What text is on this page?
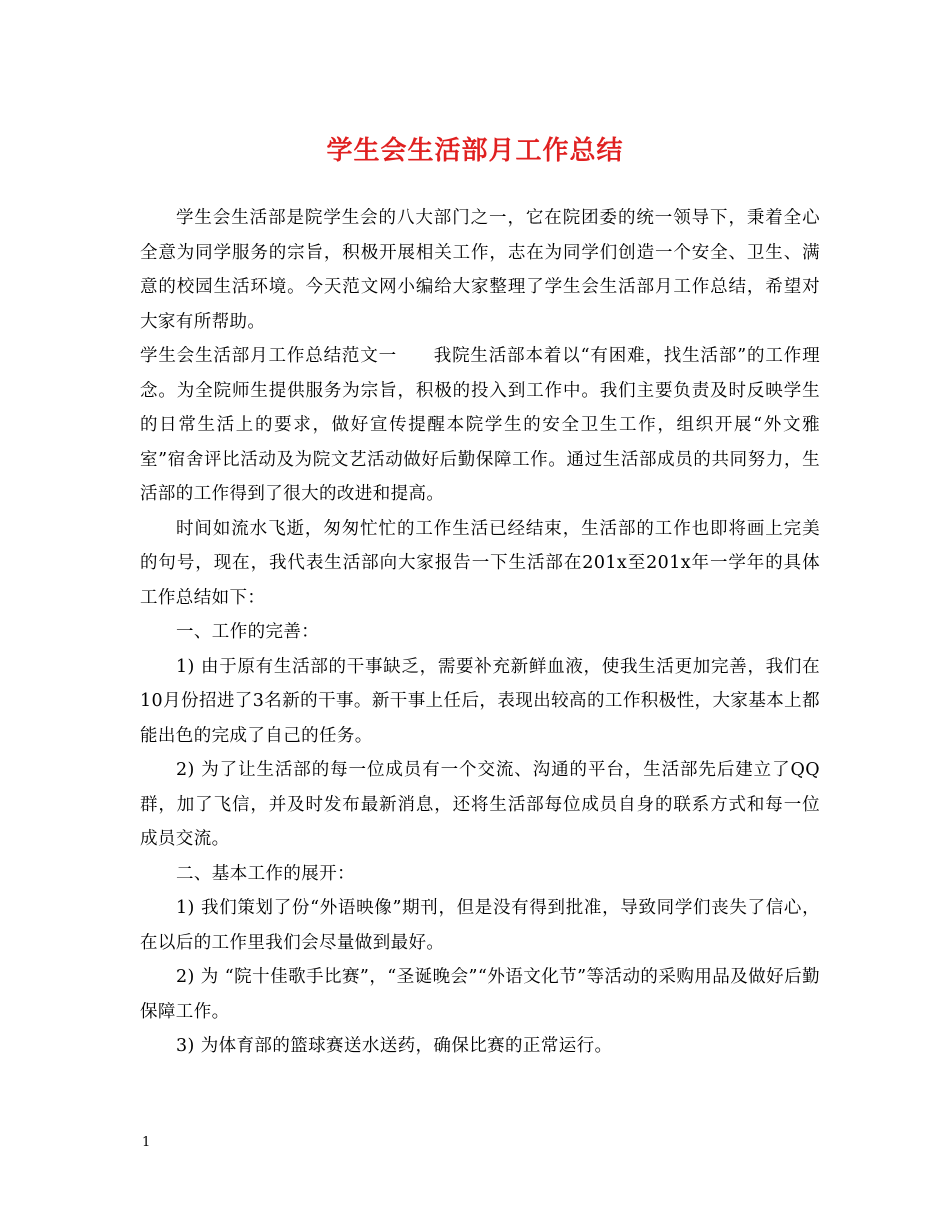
学生会生活部月工作总结

学生会生活部是院学生会的八大部门之一，它在院团委的统一领导下，秉着全心全意为同学服务的宗旨，积极开展相关工作，志在为同学们创造一个安全、卫生、满意的校园生活环境。今天范文网小编给大家整理了学生会生活部月工作总结，希望对大家有所帮助。

学生会生活部月工作总结范文一　　我院生活部本着以“有困难，找生活部”的工作理念。为全院师生提供服务为宗旨，积极的投入到工作中。我们主要负责及时反映学生的日常生活上的要求，做好宣传提醒本院学生的安全卫生工作，组织开展“外文雅室”宿舍评比活动及为院文艺活动做好后勤保障工作。通过生活部成员的共同努力，生活部的工作得到了很大的改进和提高。

时间如流水飞逝，匆匆忙忙的工作生活已经结束，生活部的工作也即将画上完美的句号，现在，我代表生活部向大家报告一下生活部在201x至201x年一学年的具体工作总结如下：

一、工作的完善：

1) 由于原有生活部的干事缺乏，需要补充新鲜血液，使我生活更加完善，我们在10月份招进了3名新的干事。新干事上任后，表现出较高的工作积极性，大家基本上都能出色的完成了自己的任务。

2) 为了让生活部的每一位成员有一个交流、沟通的平台，生活部先后建立了QQ群，加了飞信，并及时发布最新消息，还将生活部每位成员自身的联系方式和每一位成员交流。

二、基本工作的展开：

1) 我们策划了份“外语映像”期刊，但是没有得到批准，导致同学们丧失了信心，在以后的工作里我们会尽量做到最好。

2) 为 “院十佳歌手比赛”，“圣诞晚会”“外语文化节”等活动的采购用品及做好后勤保障工作。

3) 为体育部的篮球赛送水送药，确保比赛的正常运行。

1
